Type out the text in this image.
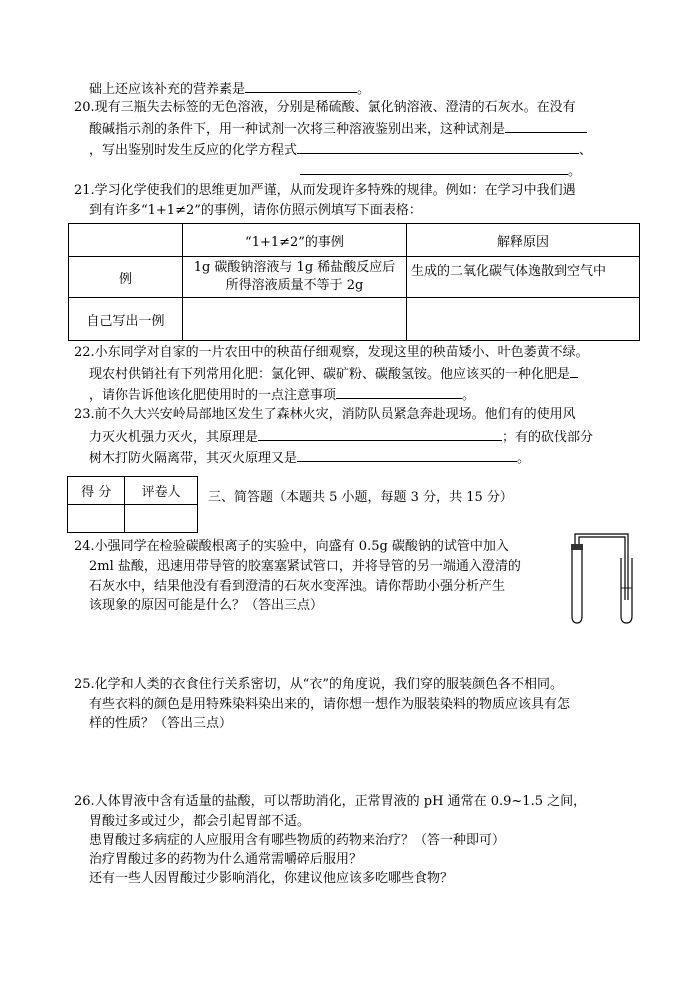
础上还应该补充的营养素是	。
20.现有三瓶失去标签的无色溶液，分别是稀硫酸、氯化钠溶液、澄清的石灰水。在没有
酸碱指示剂的条件下，用一种试剂一次将三种溶液鉴别出来，这种试剂是
，写出鉴别时发生反应的化学方程式	、
。
21.学习化学使我们的思维更加严谨，从而发现许多特殊的规律。例如：在学习中我们遇
到有许多“1+1≠2”的事例，请你仿照示例填写下面表格：
	“1+1≠2”的事例	解释原因
例	1g 碳酸钠溶液与 1g 稀盐酸反应后
所得溶液质量不等于 2g	生成的二氧化碳气体逸散到空气中
自己写出一例		
22.小东同学对自家的一片农田中的秧苗仔细观察，发现这里的秧苗矮小、叶色萎黄不绿。
现农村供销社有下列常用化肥：氯化钾、碳矿粉、碳酸氢铵。他应该买的一种化肥是
，请你告诉他该化肥使用时的一点注意事项	。
23.前不久大兴安岭局部地区发生了森林火灾，消防队员紧急奔赴现场。他们有的使用风
力灭火机强力灭火，其原理是	；有的砍伐部分
树木打防火隔离带，其灭火原理又是	。
得 分	评卷人
	三、简答题（本题共 5 小题，每题 3 分，共 15 分）
24.小强同学在检验碳酸根离子的实验中，向盛有 0.5g 碳酸钠的试管中加入
2ml 盐酸，迅速用带导管的胶塞塞紧试管口，并将导管的另一端通入澄清的
石灰水中，结果他没有看到澄清的石灰水变浑浊。请你帮助小强分析产生
该现象的原因可能是什么？（答出三点）
25.化学和人类的衣食住行关系密切，从“衣”的角度说，我们穿的服装颜色各不相同。
有些衣料的颜色是用特殊染料染出来的，请你想一想作为服装染料的物质应该具有怎
样的性质？（答出三点）
26.人体胃液中含有适量的盐酸，可以帮助消化，正常胃液的 pH 通常在 0.9~1.5 之间，
胃酸过多或过少，都会引起胃部不适。
患胃酸过多病症的人应服用含有哪些物质的药物来治疗？（答一种即可）
治疗胃酸过多的药物为什么通常需嚼碎后服用？
还有一些人因胃酸过少影响消化，你建议他应该多吃哪些食物？
